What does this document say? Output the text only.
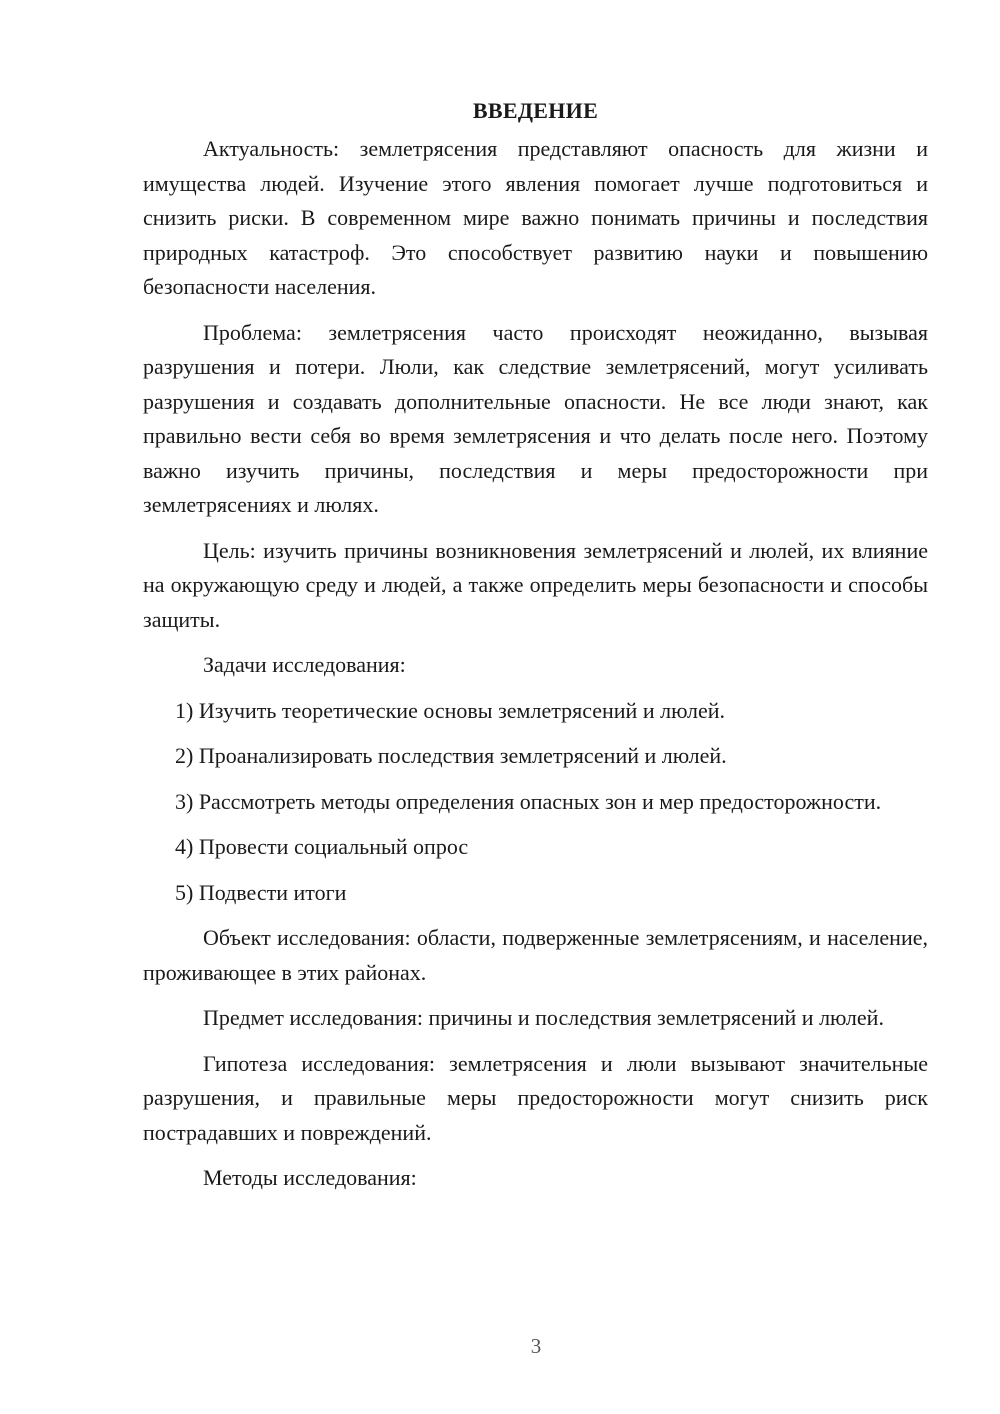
ВВЕДЕНИЕ

Актуальность: землетрясения представляют опасность для жизни и имущества людей. Изучение этого явления помогает лучше подготовиться и снизить риски. В современном мире важно понимать причины и последствия природных катастроф. Это способствует развитию науки и повышению безопасности населения.

Проблема: землетрясения часто происходят неожиданно, вызывая разрушения и потери. Люли, как следствие землетрясений, могут усиливать разрушения и создавать дополнительные опасности. Не все люди знают, как правильно вести себя во время землетрясения и что делать после него. Поэтому важно изучить причины, последствия и меры предосторожности при землетрясениях и люлях.

Цель: изучить причины возникновения землетрясений и люлей, их влияние на окружающую среду и людей, а также определить меры безопасности и способы защиты.

Задачи исследования:

1) Изучить теоретические основы землетрясений и люлей.

2) Проанализировать последствия землетрясений и люлей.

3) Рассмотреть методы определения опасных зон и мер предосторожности.

4) Провести социальный опрос

5) Подвести итоги

Объект исследования: области, подверженные землетрясениям, и население, проживающее в этих районах.

Предмет исследования: причины и последствия землетрясений и люлей.

Гипотеза исследования: землетрясения и люли вызывают значительные разрушения, и правильные меры предосторожности могут снизить риск пострадавших и повреждений.

Методы исследования:

3
